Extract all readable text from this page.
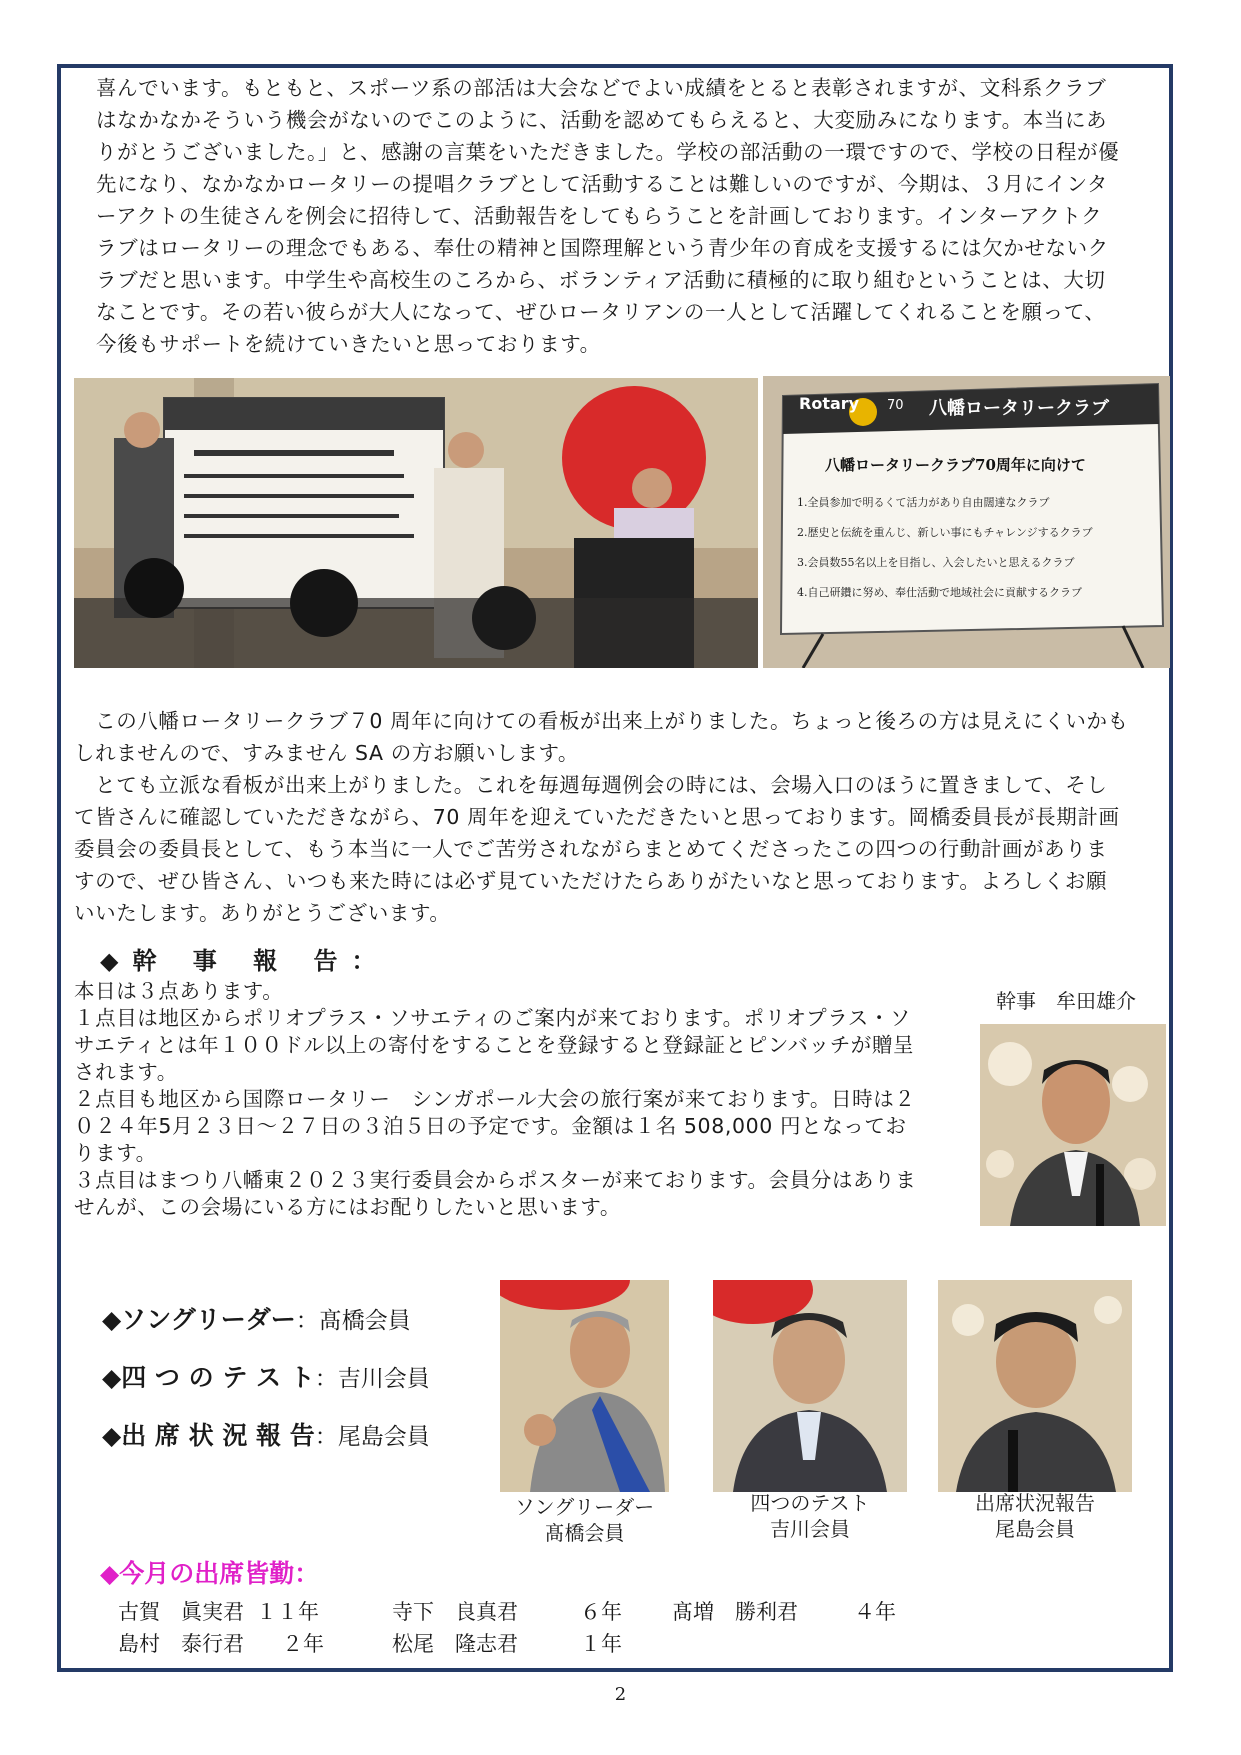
喜んでいます。もともと、スポーツ系の部活は大会などでよい成績をとると表彰されますが、文科系クラブ

はなかなかそういう機会がないのでこのように、活動を認めてもらえると、大変励みになります。本当にあ

りがとうございました。」と、感謝の言葉をいただきました。学校の部活動の一環ですので、学校の日程が優

先になり、なかなかロータリーの提唱クラブとして活動することは難しいのですが、今期は、３月にインタ

ーアクトの生徒さんを例会に招待して、活動報告をしてもらうことを計画しております。インターアクトク

ラブはロータリーの理念でもある、奉仕の精神と国際理解という青少年の育成を支援するには欠かせないク

ラブだと思います。中学生や高校生のころから、ボランティア活動に積極的に取り組むということは、大切

なことです。その若い彼らが大人になって、ぜひロータリアンの一人として活躍してくれることを願って、

今後もサポートを続けていきたいと思っております。

Rotary 70 八幡ロータリークラブ
八幡ロータリークラブ70周年に向けて
1.全員参加で明るくて活力があり自由闊達なクラブ
2.歴史と伝統を重んじ、新しい事にもチャレンジするクラブ
3.会員数55名以上を目指し、入会したいと思えるクラブ
4.自己研鑽に努め、奉仕活動で地域社会に貢献するクラブ

　この八幡ロータリークラブ７0 周年に向けての看板が出来上がりました。ちょっと後ろの方は見えにくいかも

しれませんので、すみません SA の方お願いします。

　とても立派な看板が出来上がりました。これを毎週毎週例会の時には、会場入口のほうに置きまして、そし

て皆さんに確認していただきながら、70 周年を迎えていただきたいと思っております。岡橋委員長が長期計画

委員会の委員長として、もう本当に一人でご苦労されながらまとめてくださったこの四つの行動計画がありま

すので、ぜひ皆さん、いつも来た時には必ず見ていただけたらありがたいなと思っております。よろしくお願

いいたします。ありがとうございます。

◆幹 事 報 告：

本日は３点あります。

１点目は地区からポリオプラス・ソサエティのご案内が来ております。ポリオプラス・ソ

サエティとは年１００ドル以上の寄付をすることを登録すると登録証とピンバッチが贈呈

されます。

２点目も地区から国際ロータリー　シンガポール大会の旅行案が来ております。日時は２

０２４年5月２３日～２７日の３泊５日の予定です。金額は１名 508,000 円となってお

ります。

３点目はまつり八幡東２０２３実行委員会からポスターが来ております。会員分はありま

せんが、この会場にいる方にはお配りしたいと思います。

幹事　牟田雄介
◆ソングリーダー：髙橋会員
◆四 つ の テ ス ト：吉川会員
◆出 席 状 況 報 告：尾島会員
ソングリーダー
髙橋会員
四つのテスト
吉川会員
出席状況報告
尾島会員
◆今月の出席皆勤：
古賀　眞実君 １１年	寺下　良真君	６年 髙増　勝利君	４年
島村　泰行君 ２年	松尾　隆志君	１年
2
